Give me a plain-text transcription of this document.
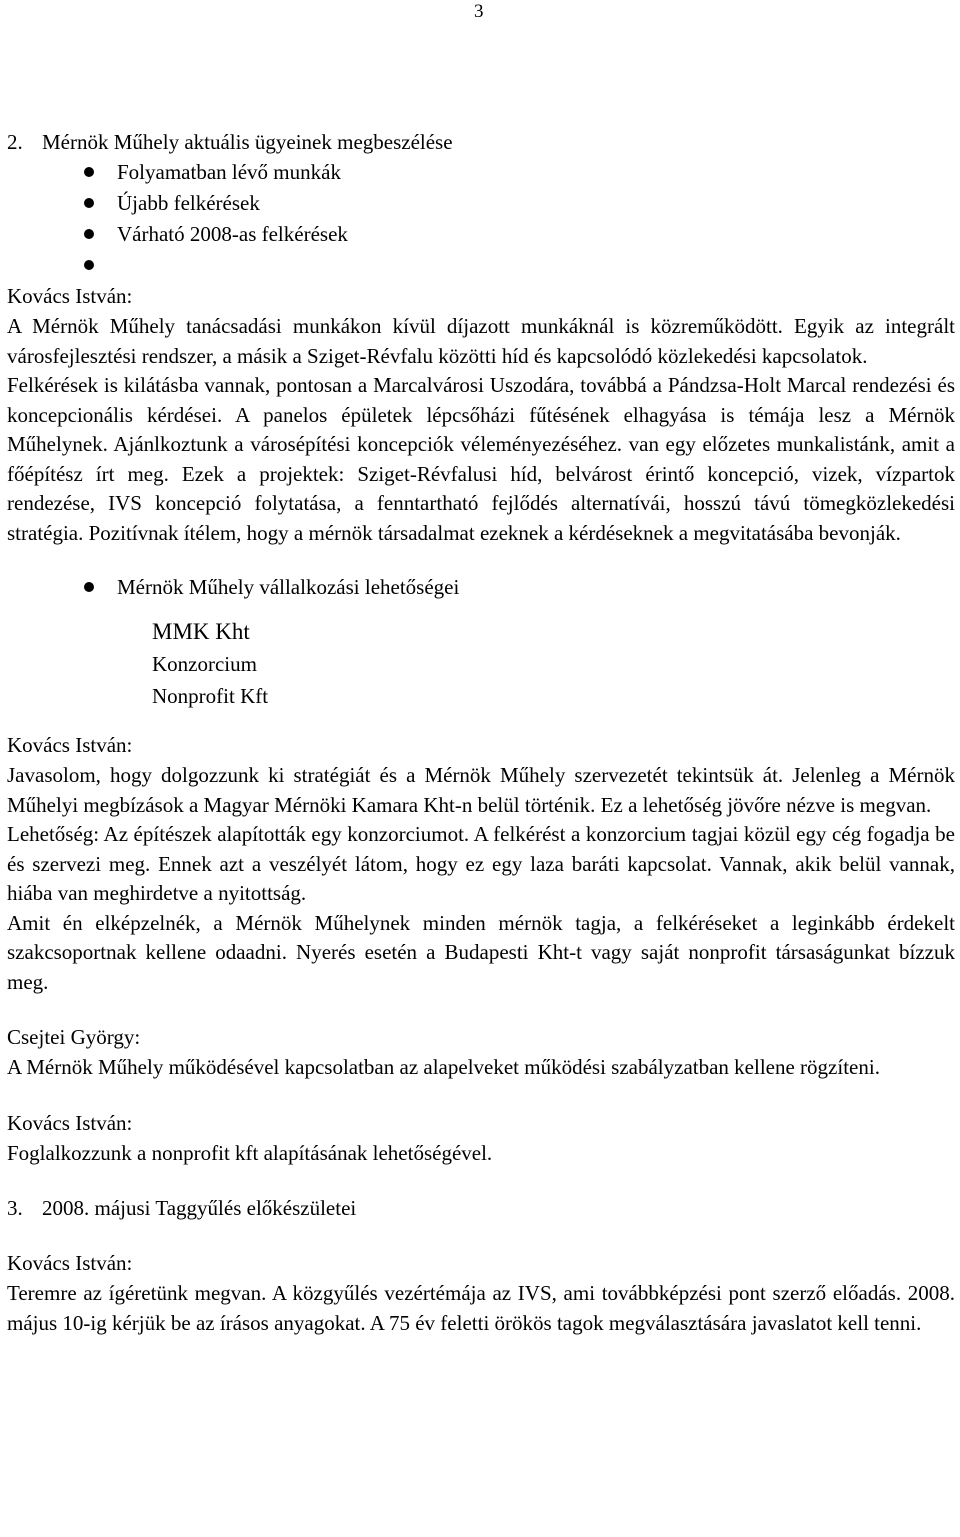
3
2. Mérnök Műhely aktuális ügyeinek megbeszélése
Folyamatban lévő munkák
Újabb felkérések
Várható 2008-as felkérések
Kovács István:

A Mérnök Műhely tanácsadási munkákon kívül díjazott munkáknál is közreműködött. Egyik az integrált városfejlesztési rendszer, a másik a Sziget-Révfalu közötti híd és kapcsolódó közlekedési kapcsolatok.

Felkérések is kilátásba vannak, pontosan a Marcalvárosi Uszodára, továbbá a Pándzsa-Holt Marcal rendezési és koncepcionális kérdései. A panelos épületek lépcsőházi fűtésének elhagyása is témája lesz a Mérnök Műhelynek. Ajánlkoztunk a városépítési koncepciók véleményezéséhez. van egy előzetes munkalistánk, amit a főépítész írt meg. Ezek a projektek: Sziget-Révfalusi híd, belvárost érintő koncepció, vizek, vízpartok rendezése, IVS koncepció folytatása, a fenntartható fejlődés alternatívái, hosszú távú tömegközlekedési stratégia. Pozitívnak ítélem, hogy a mérnök társadalmat ezeknek a kérdéseknek a megvitatásába bevonják.

Mérnök Műhely vállalkozási lehetőségei
MMK Kht
Konzorcium
Nonprofit Kft
Kovács István:

Javasolom, hogy dolgozzunk ki stratégiát és a Mérnök Műhely szervezetét tekintsük át. Jelenleg a Mérnök Műhelyi megbízások a Magyar Mérnöki Kamara Kht-n belül történik. Ez a lehetőség jövőre nézve is megvan.

Lehetőség: Az építészek alapították egy konzorciumot. A felkérést a konzorcium tagjai közül egy cég fogadja be és szervezi meg. Ennek azt a veszélyét látom, hogy ez egy laza baráti kapcsolat. Vannak, akik belül vannak, hiába van meghirdetve a nyitottság.

Amit én elképzelnék, a Mérnök Műhelynek minden mérnök tagja, a felkéréseket a leginkább érdekelt szakcsoportnak kellene odaadni. Nyerés esetén a Budapesti Kht-t vagy saját nonprofit társaságunkat bízzuk meg.

Csejtei György:

A Mérnök Műhely működésével kapcsolatban az alapelveket működési szabályzatban kellene rögzíteni.

Kovács István:

Foglalkozzunk a nonprofit kft alapításának lehetőségével.

3. 2008. májusi Taggyűlés előkészületei
Kovács István:

Teremre az ígéretünk megvan. A közgyűlés vezértémája az IVS, ami továbbképzési pont szerző előadás. 2008. május 10-ig kérjük be az írásos anyagokat. A 75 év feletti örökös tagok megválasztására javaslatot kell tenni.
